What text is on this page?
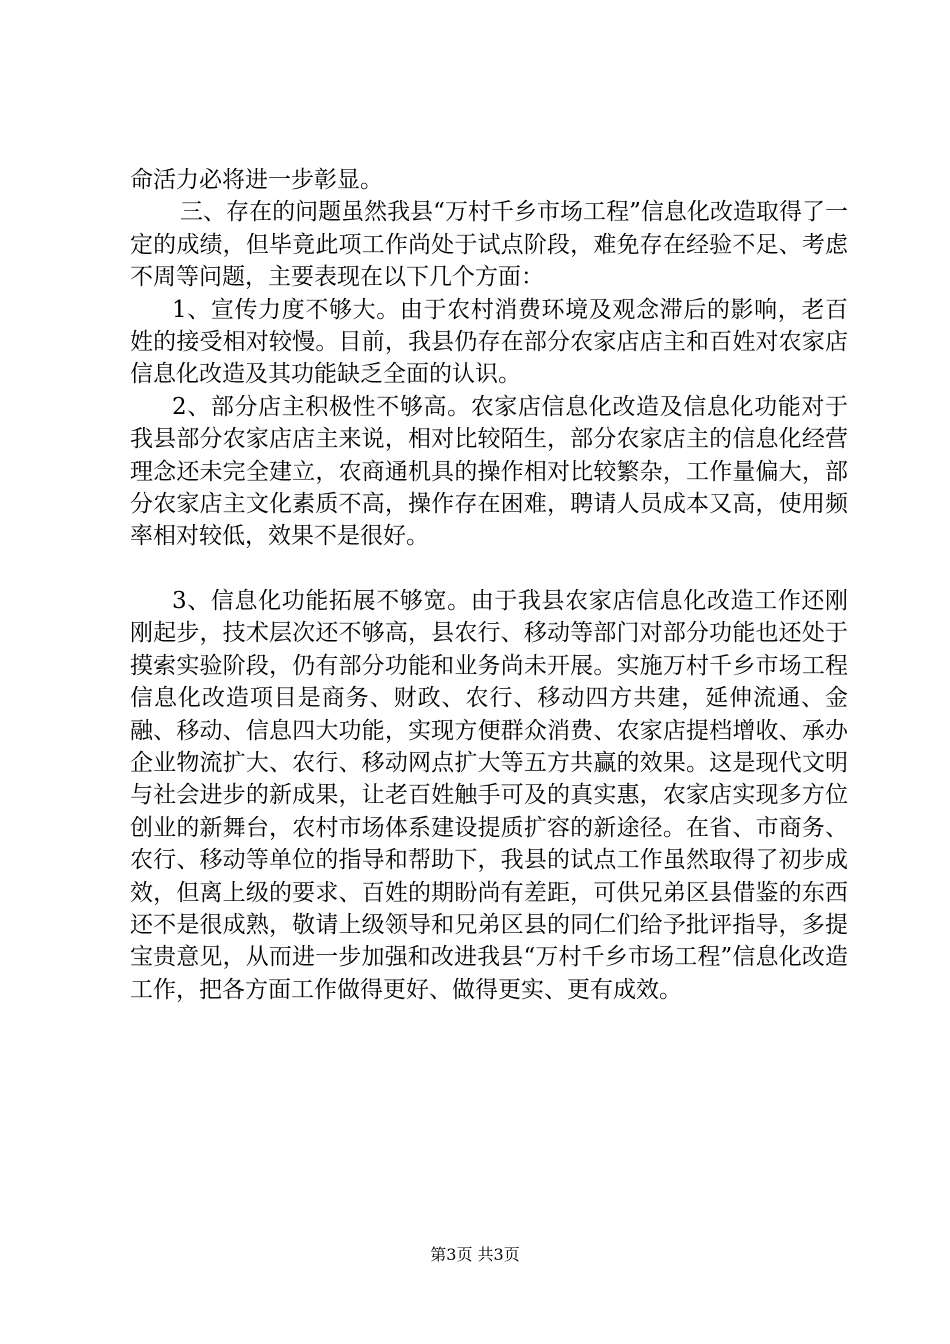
命活力必将进一步彰显。

三、存在的问题虽然我县“万村千乡市场工程”信息化改造取得了一定的成绩，但毕竟此项工作尚处于试点阶段，难免存在经验不足、考虑不周等问题，主要表现在以下几个方面：

1、宣传力度不够大。由于农村消费环境及观念滞后的影响，老百姓的接受相对较慢。目前，我县仍存在部分农家店店主和百姓对农家店信息化改造及其功能缺乏全面的认识。

2、部分店主积极性不够高。农家店信息化改造及信息化功能对于我县部分农家店店主来说，相对比较陌生，部分农家店主的信息化经营理念还未完全建立，农商通机具的操作相对比较繁杂，工作量偏大，部分农家店主文化素质不高，操作存在困难，聘请人员成本又高，使用频率相对较低，效果不是很好。

3、信息化功能拓展不够宽。由于我县农家店信息化改造工作还刚刚起步，技术层次还不够高，县农行、移动等部门对部分功能也还处于摸索实验阶段，仍有部分功能和业务尚未开展。实施万村千乡市场工程信息化改造项目是商务、财政、农行、移动四方共建，延伸流通、金融、移动、信息四大功能，实现方便群众消费、农家店提档增收、承办企业物流扩大、农行、移动网点扩大等五方共赢的效果。这是现代文明与社会进步的新成果，让老百姓触手可及的真实惠，农家店实现多方位创业的新舞台，农村市场体系建设提质扩容的新途径。在省、市商务、农行、移动等单位的指导和帮助下，我县的试点工作虽然取得了初步成效，但离上级的要求、百姓的期盼尚有差距，可供兄弟区县借鉴的东西还不是很成熟，敬请上级领导和兄弟区县的同仁们给予批评指导，多提宝贵意见，从而进一步加强和改进我县“万村千乡市场工程”信息化改造工作，把各方面工作做得更好、做得更实、更有成效。

第3页 共3页
